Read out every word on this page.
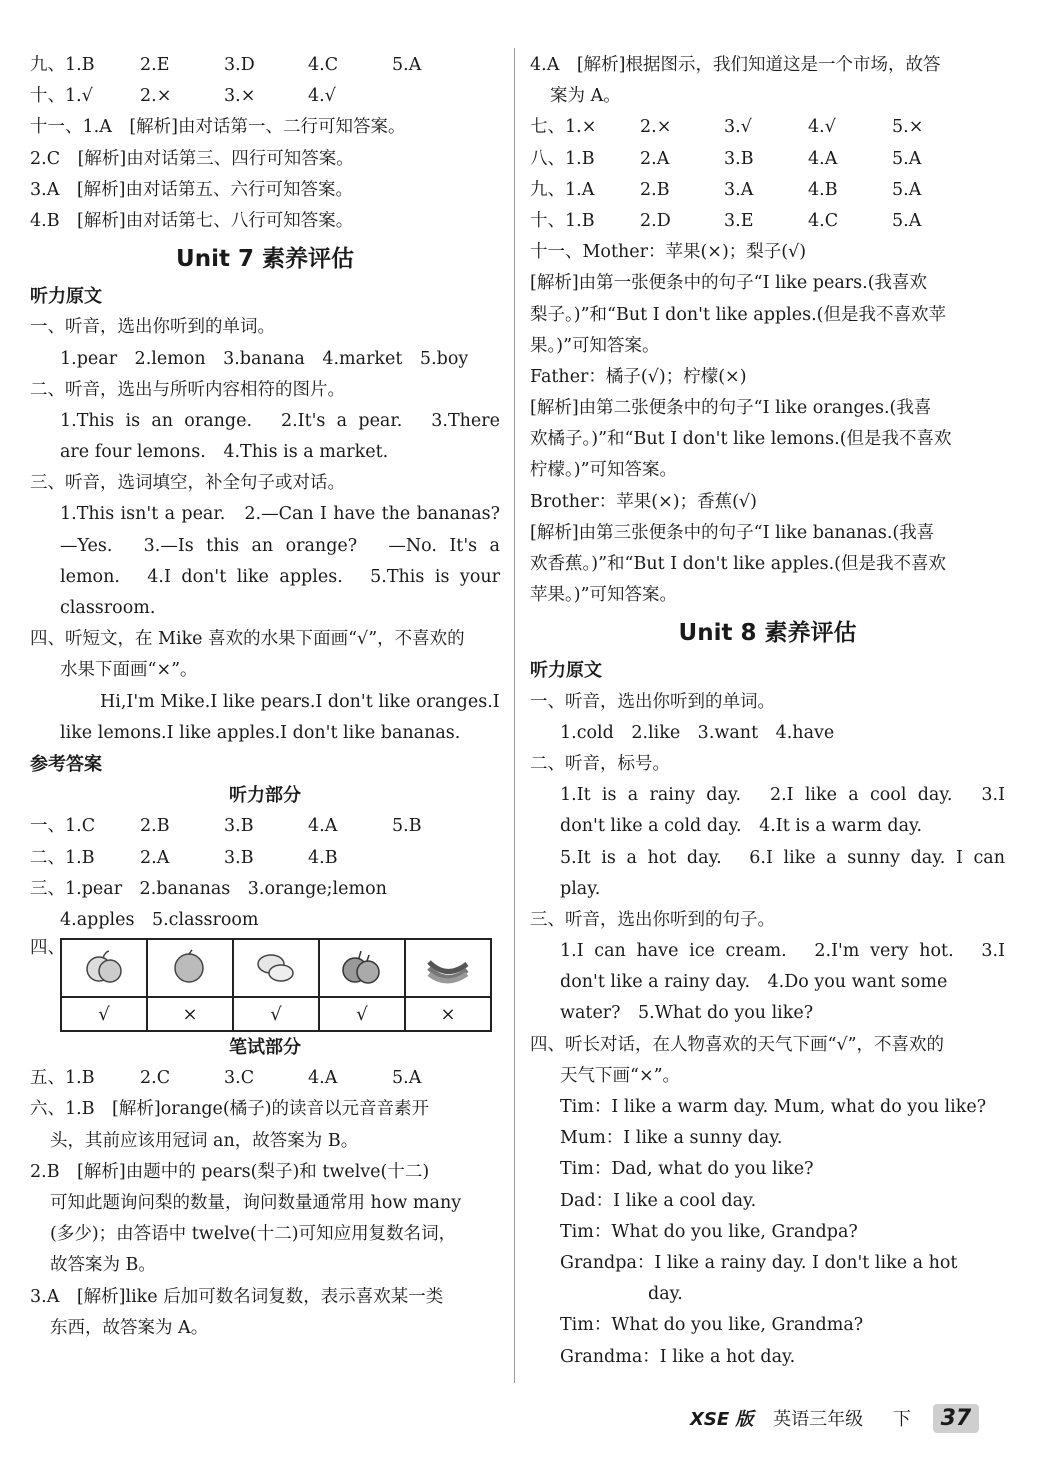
九、1.B	2.E	3.D	4.C	5.A
十、1.√	2.×	3.×	4.√
十一、1.A　[解析]由对话第一、二行可知答案。
2.C　[解析]由对话第三、四行可知答案。
3.A　[解析]由对话第五、六行可知答案。
4.B　[解析]由对话第七、八行可知答案。
Unit 7 素养评估
听力原文
一、听音，选出你听到的单词。
1.pear　2.lemon　3.banana　4.market　5.boy
二、听音，选出与所听内容相符的图片。
1.This is an orange.　2.It's a pear.　3.There
are four lemons.　4.This is a market.
三、听音，选词填空，补全句子或对话。
1.This isn't a pear.　2.—Can I have the bananas?
—Yes.　3.—Is this an orange?　—No. It's a
lemon.　4.I don't like apples.　5.This is your
classroom.
四、听短文，在 Mike 喜欢的水果下面画“√”，不喜欢的
水果下面画“×”。
Hi,I'm Mike.I like pears.I don't like oranges.I
like lemons.I like apples.I don't like bananas.
参考答案
听力部分
一、1.C	2.B	3.B	4.A	5.B
二、1.B	2.A	3.B	4.B
三、1.pear　2.bananas　3.orange;lemon
4.apples　5.classroom
四、

√	×	√	√	×
笔试部分
五、1.B	2.C	3.C	4.A	5.A
六、1.B　[解析]orange(橘子)的读音以元音音素开
头，其前应该用冠词 an，故答案为 B。
2.B　[解析]由题中的 pears(梨子)和 twelve(十二)
可知此题询问梨的数量，询问数量通常用 how many
(多少)；由答语中 twelve(十二)可知应用复数名词，
故答案为 B。
3.A　[解析]like 后加可数名词复数，表示喜欢某一类
东西，故答案为 A。
4.A　[解析]根据图示，我们知道这是一个市场，故答
案为 A。
七、1.×	2.×	3.√	4.√	5.×
八、1.B	2.A	3.B	4.A	5.A
九、1.A	2.B	3.A	4.B	5.A
十、1.B	2.D	3.E	4.C	5.A
十一、Mother：苹果(×)；梨子(√)
[解析]由第一张便条中的句子“I like pears.(我喜欢
梨子。)”和“But I don't like apples.(但是我不喜欢苹
果。)”可知答案。
Father：橘子(√)；柠檬(×)
[解析]由第二张便条中的句子“I like oranges.(我喜
欢橘子。)”和“But I don't like lemons.(但是我不喜欢
柠檬。)”可知答案。
Brother：苹果(×)；香蕉(√)
[解析]由第三张便条中的句子“I like bananas.(我喜
欢香蕉。)”和“But I don't like apples.(但是我不喜欢
苹果。)”可知答案。
Unit 8 素养评估
听力原文
一、听音，选出你听到的单词。
1.cold　2.like　3.want　4.have
二、听音，标号。
1.It is a rainy day.　2.I like a cool day.　3.I
don't like a cold day.　4.It is a warm day.
5.It is a hot day.　6.I like a sunny day. I can
play.
三、听音，选出你听到的句子。
1.I can have ice cream.　2.I'm very hot.　3.I
don't like a rainy day.　4.Do you want some
water?　5.What do you like?
四、听长对话，在人物喜欢的天气下画“√”，不喜欢的
天气下画“×”。
Tim：I like a warm day. Mum, what do you like?
Mum：I like a sunny day.
Tim：Dad, what do you like?
Dad：I like a cool day.
Tim：What do you like, Grandpa?
Grandpa：I like a rainy day. I don't like a hot
day.
Tim：What do you like, Grandma?
Grandma：I like a hot day.
XSE 版 英语三年级 下 37
